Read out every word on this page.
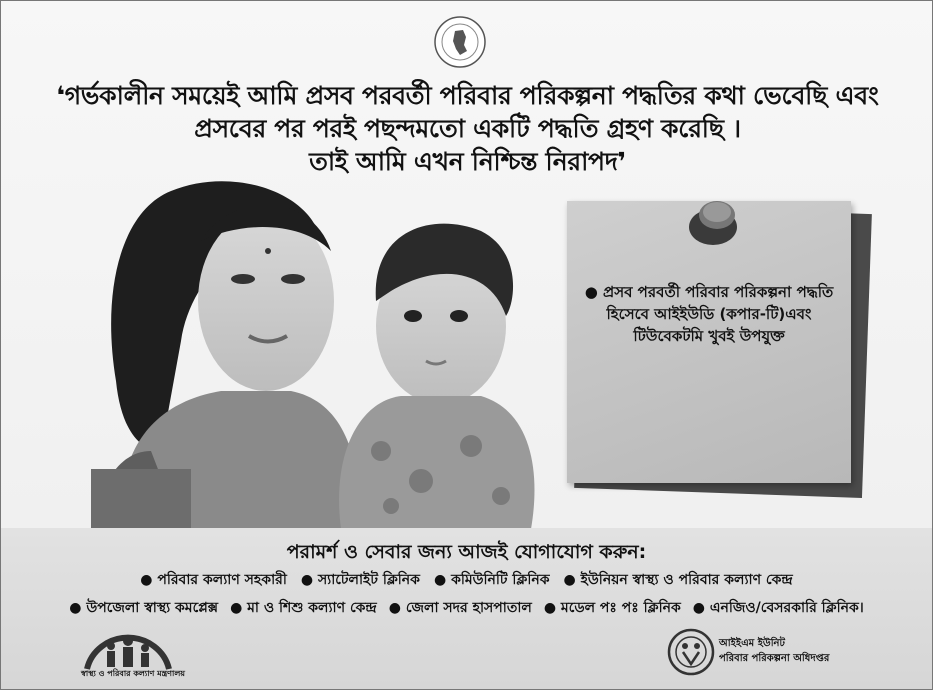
❛গর্ভকালীন সময়েই আমি প্রসব পরবর্তী পরিবার পরিকল্পনা পদ্ধতির কথা ভেবেছি এবং
প্রসবের পর পরই পছন্দমতো একটি পদ্ধতি গ্রহণ করেছি ।
তাই আমি এখন নিশ্চিন্ত নিরাপদ❜
● প্রসব পরবর্তী পরিবার পরিকল্পনা পদ্ধতি
হিসেবে আইইউডি (কপার-টি)এবং
টিউবেকটমি খুবই উপযুক্ত
পরামর্শ ও সেবার জন্য আজই যোগাযোগ করুন:
● পরিবার কল্যাণ সহকারী	● স্যাটেলাইট ক্লিনিক	● কমিউনিটি ক্লিনিক	● ইউনিয়ন স্বাস্থ্য ও পরিবার কল্যাণ কেন্দ্র
● উপজেলা স্বাস্থ্য কমপ্লেক্স	● মা ও শিশু কল্যাণ কেন্দ্র	● জেলা সদর হাসপাতাল	● মডেল পঃ পঃ ক্লিনিক	● এনজিও/বেসরকারি ক্লিনিক।
স্বাস্থ্য ও পরিবার কল্যাণ মন্ত্রণালয়
আইইএম ইউনিট
পরিবার পরিকল্পনা অধিদপ্তর
